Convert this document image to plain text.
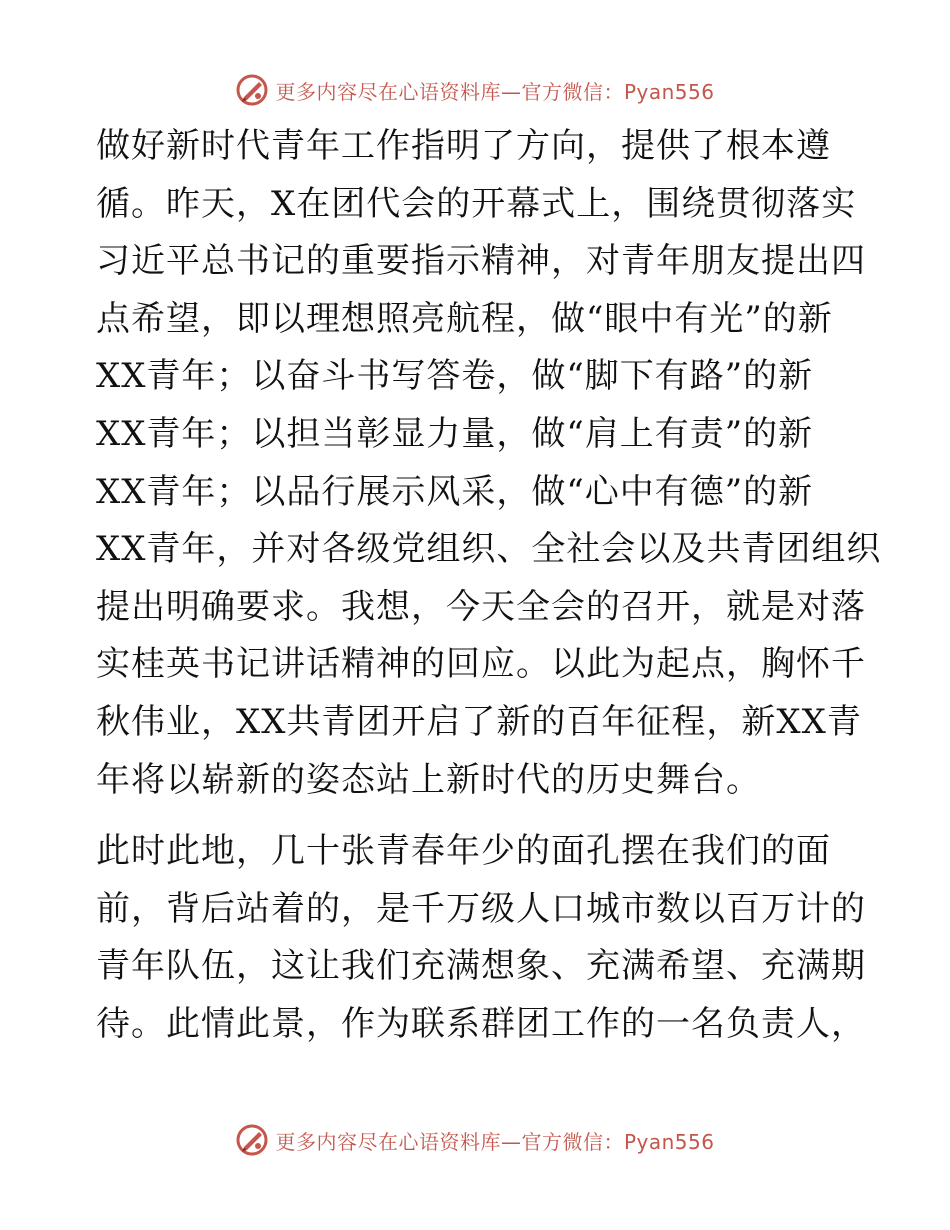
更多内容尽在心语资料库—官方微信：Pyan556
做好新时代青年工作指明了方向，提供了根本遵
循。昨天，X在团代会的开幕式上，围绕贯彻落实
习近平总书记的重要指示精神，对青年朋友提出四
点希望，即以理想照亮航程，做“眼中有光”的新
XX青年；以奋斗书写答卷，做“脚下有路”的新
XX青年；以担当彰显力量，做“肩上有责”的新
XX青年；以品行展示风采，做“心中有德”的新
XX青年，并对各级党组织、全社会以及共青团组织
提出明确要求。我想，今天全会的召开，就是对落
实桂英书记讲话精神的回应。以此为起点，胸怀千
秋伟业，XX共青团开启了新的百年征程，新XX青
年将以崭新的姿态站上新时代的历史舞台。
此时此地，几十张青春年少的面孔摆在我们的面
前，背后站着的，是千万级人口城市数以百万计的
青年队伍，这让我们充满想象、充满希望、充满期
待。此情此景，作为联系群团工作的一名负责人，
更多内容尽在心语资料库—官方微信：Pyan556
